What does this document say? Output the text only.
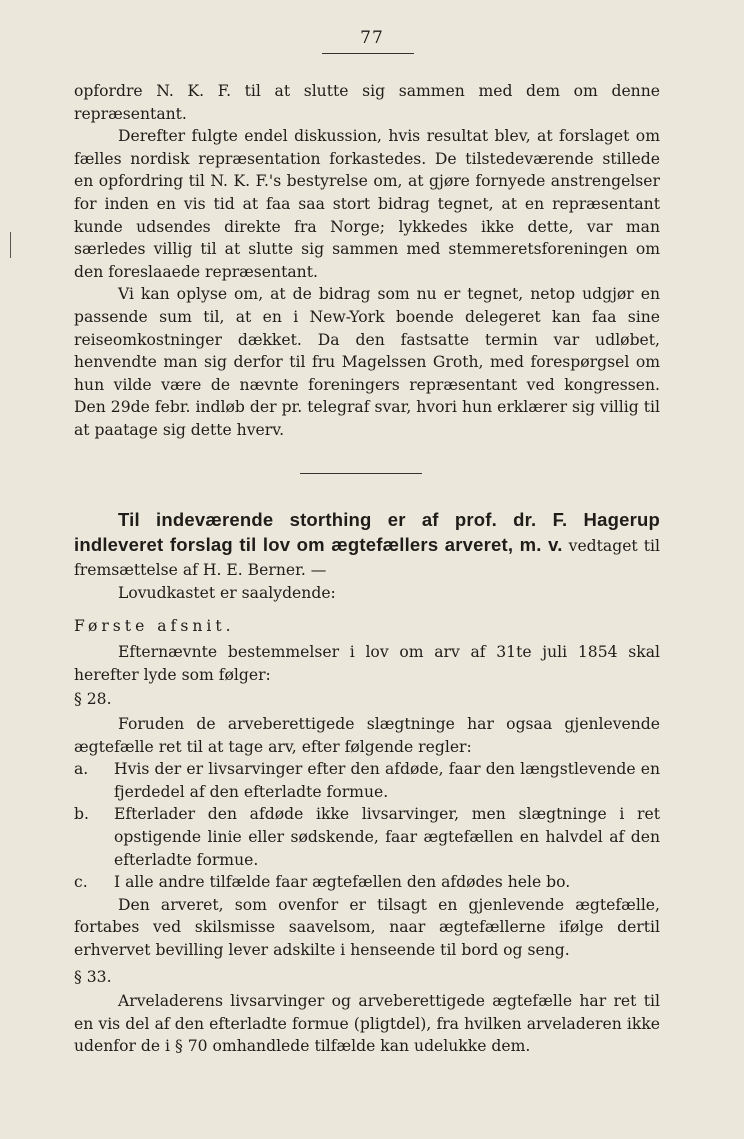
77

opfordre N. K. F. til at slutte sig sammen med dem om denne repræsentant.

Derefter fulgte endel diskussion, hvis resultat blev, at forslaget om fælles nordisk repræsentation forkastedes. De tilstedeværende stillede en opfordring til N. K. F.'s bestyrelse om, at gjøre fornyede anstrengelser for inden en vis tid at faa saa stort bidrag tegnet, at en repræsentant kunde udsendes direkte fra Norge; lykkedes ikke dette, var man særledes villig til at slutte sig sammen med stemmeretsforeningen om den foreslaaede repræsentant.

Vi kan oplyse om, at de bidrag som nu er tegnet, netop udgjør en passende sum til, at en i New-York boende delegeret kan faa sine reiseomkostninger dækket. Da den fastsatte termin var udløbet, henvendte man sig derfor til fru Magelssen Groth, med forespørgsel om hun vilde være de nævnte foreningers repræsentant ved kongressen. Den 29de febr. indløb der pr. telegraf svar, hvori hun erklærer sig villig til at paatage sig dette hverv.

Til indeværende storthing er af prof. dr. F. Hagerup indleveret forslag til lov om ægtefællers arveret, m. v. vedtaget til fremsættelse af H. E. Berner. —

Lovudkastet er saalydende:

Første afsnit.

Efternævnte bestemmelser i lov om arv af 31te juli 1854 skal herefter lyde som følger:

§ 28.

Foruden de arveberettigede slægtninge har ogsaa gjenlevende ægtefælle ret til at tage arv, efter følgende regler:

a.	Hvis der er livsarvinger efter den afdøde, faar den længstlevende en fjerdedel af den efterladte formue.
b.	Efterlader den afdøde ikke livsarvinger, men slægtninge i ret opstigende linie eller sødskende, faar ægtefællen en halvdel af den efterladte formue.
c.	I alle andre tilfælde faar ægtefællen den afdødes hele bo.

Den arveret, som ovenfor er tilsagt en gjenlevende ægtefælle, fortabes ved skilsmisse saavelsom, naar ægtefællerne ifølge dertil erhvervet bevilling lever adskilte i henseende til bord og seng.

§ 33.

Arveladerens livsarvinger og arveberettigede ægtefælle har ret til en vis del af den efterladte formue (pligtdel), fra hvilken arveladeren ikke udenfor de i § 70 omhandlede tilfælde kan udelukke dem.
